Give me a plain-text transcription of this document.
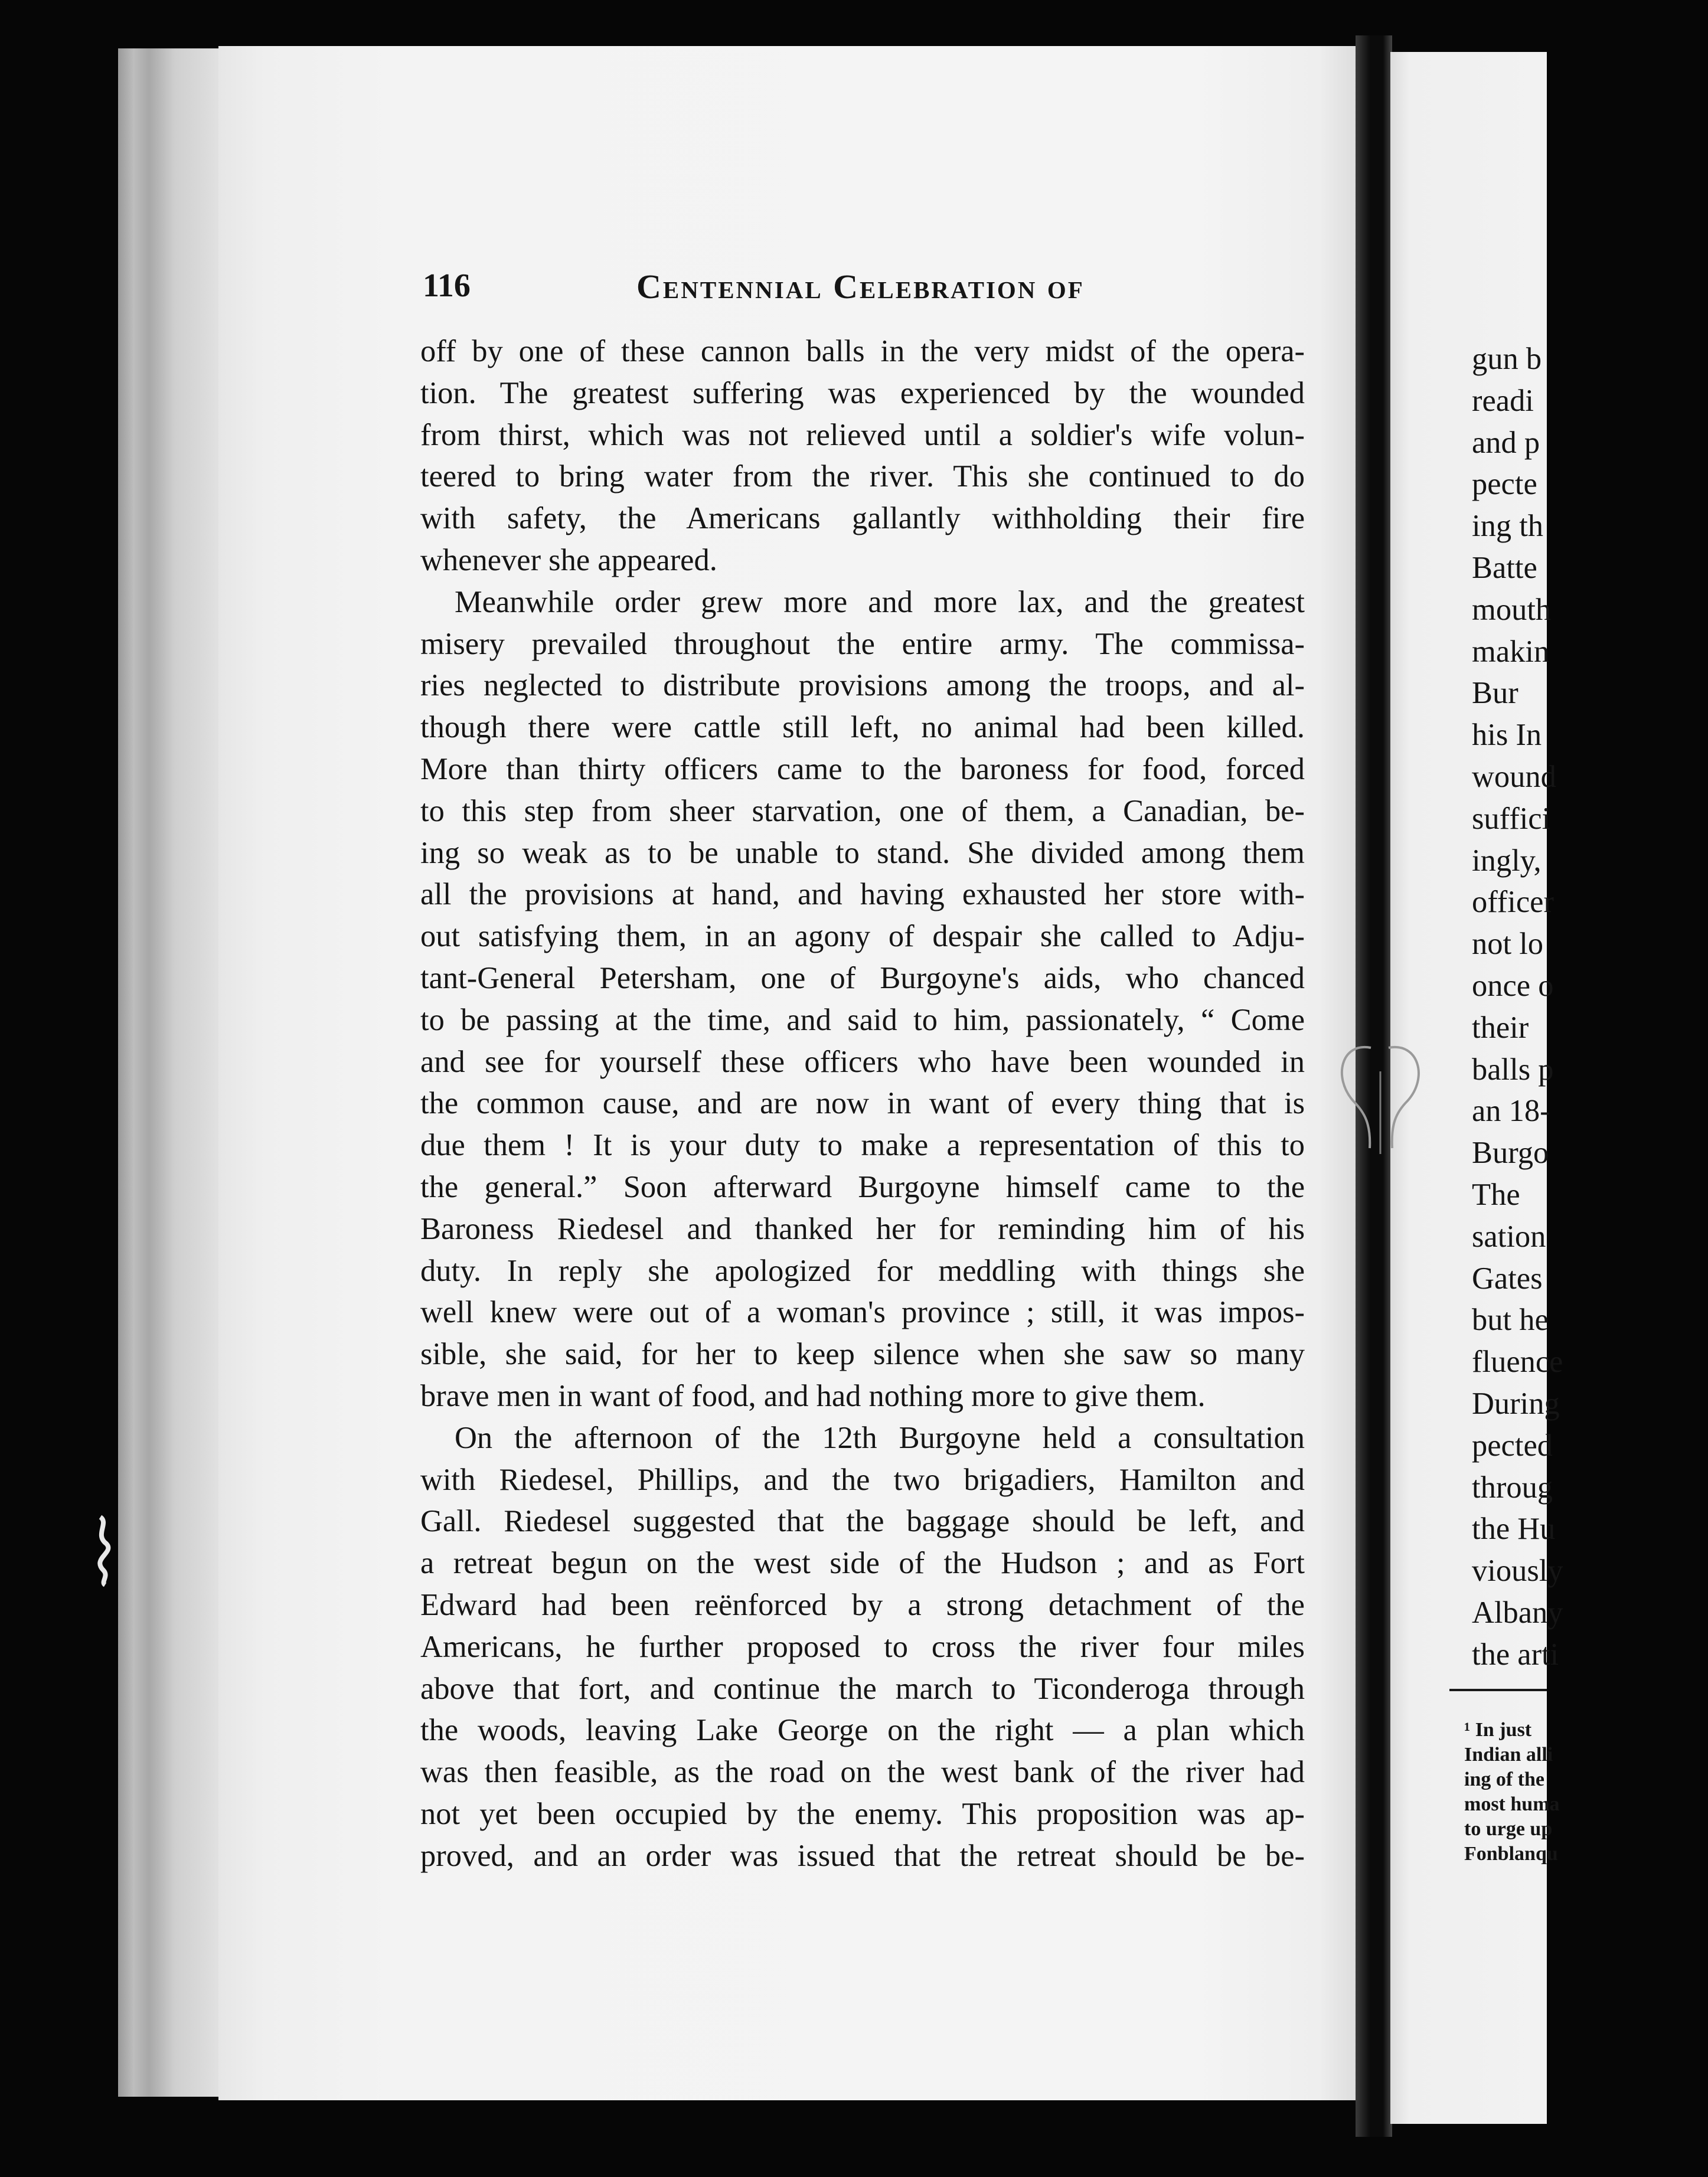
gun b
readi
and p
pecte
ing th
Batte
mouth
makin
Bur
his In
wound
suffici
ingly,
officer
not lo
once o
their
balls p
an 18-
Burgo
The
sation
Gates
but he
fluence
During
pected
throug
the Hu
viously
Albany
the arti
¹ In just
Indian alli
ing of the
most huma
to urge up
Fonblanqu
116	Centennial Celebration of
off by one of these cannon balls in the very midst of the opera-
tion. The greatest suffering was experienced by the wounded
from thirst, which was not relieved until a soldier's wife volun-
teered to bring water from the river. This she continued to do
with safety, the Americans gallantly withholding their fire
whenever she appeared.
Meanwhile order grew more and more lax, and the greatest
misery prevailed throughout the entire army. The commissa-
ries neglected to distribute provisions among the troops, and al-
though there were cattle still left, no animal had been killed.
More than thirty officers came to the baroness for food, forced
to this step from sheer starvation, one of them, a Canadian, be-
ing so weak as to be unable to stand. She divided among them
all the provisions at hand, and having exhausted her store with-
out satisfying them, in an agony of despair she called to Adju-
tant-General Petersham, one of Burgoyne's aids, who chanced
to be passing at the time, and said to him, passionately, “ Come
and see for yourself these officers who have been wounded in
the common cause, and are now in want of every thing that is
due them ! It is your duty to make a representation of this to
the general.” Soon afterward Burgoyne himself came to the
Baroness Riedesel and thanked her for reminding him of his
duty. In reply she apologized for meddling with things she
well knew were out of a woman's province ; still, it was impos-
sible, she said, for her to keep silence when she saw so many
brave men in want of food, and had nothing more to give them.
On the afternoon of the 12th Burgoyne held a consultation
with Riedesel, Phillips, and the two brigadiers, Hamilton and
Gall. Riedesel suggested that the baggage should be left, and
a retreat begun on the west side of the Hudson ; and as Fort
Edward had been reënforced by a strong detachment of the
Americans, he further proposed to cross the river four miles
above that fort, and continue the march to Ticonderoga through
the woods, leaving Lake George on the right — a plan which
was then feasible, as the road on the west bank of the river had
not yet been occupied by the enemy. This proposition was ap-
proved, and an order was issued that the retreat should be be-
